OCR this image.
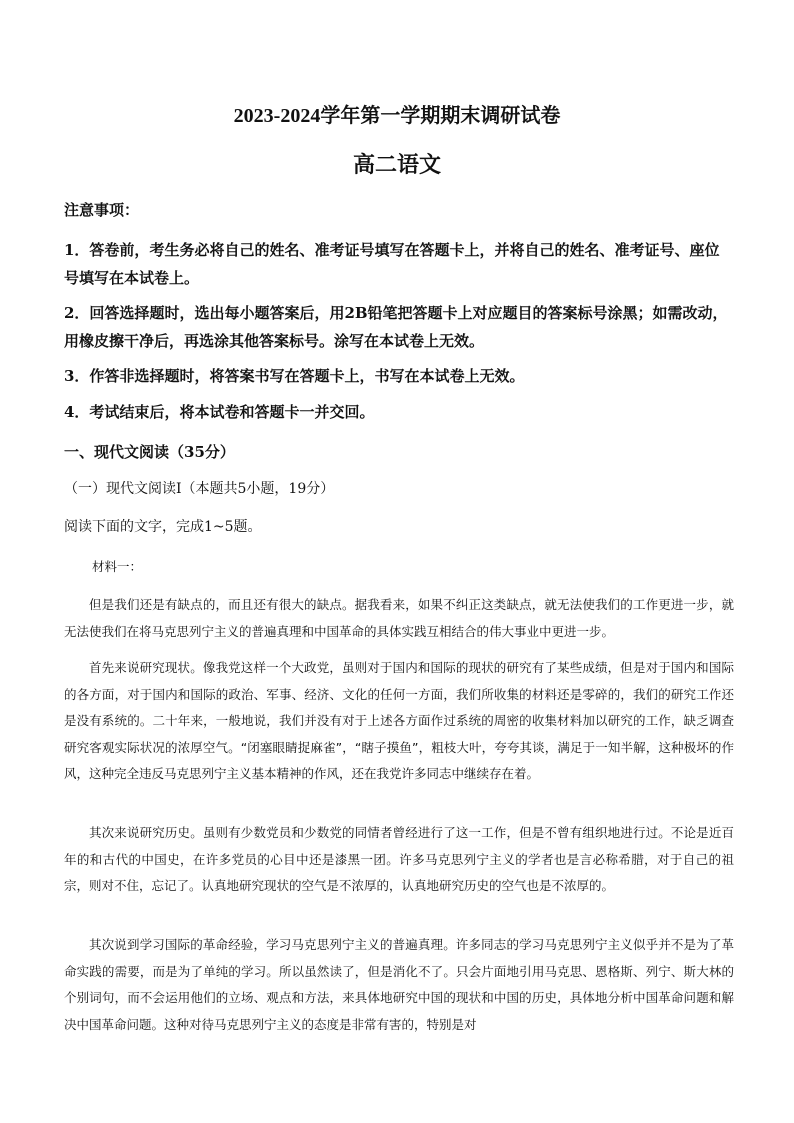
2023-2024学年第一学期期末调研试卷
高二语文
注意事项：
1．答卷前，考生务必将自己的姓名、准考证号填写在答题卡上，并将自己的姓名、准考证号、座位号填写在本试卷上。
2．回答选择题时，选出每小题答案后，用2B铅笔把答题卡上对应题目的答案标号涂黑；如需改动，用橡皮擦干净后，再选涂其他答案标号。涂写在本试卷上无效。
3．作答非选择题时，将答案书写在答题卡上，书写在本试卷上无效。
4．考试结束后，将本试卷和答题卡一并交回。
一、现代文阅读（35分）
（一）现代文阅读I（本题共5小题，19分）
阅读下面的文字，完成1~5题。
材料一：
但是我们还是有缺点的，而且还有很大的缺点。据我看来，如果不纠正这类缺点，就无法使我们的工作更进一步，就无法使我们在将马克思列宁主义的普遍真理和中国革命的具体实践互相结合的伟大事业中更进一步。
首先来说研究现状。像我党这样一个大政党，虽则对于国内和国际的现状的研究有了某些成绩，但是对于国内和国际的各方面，对于国内和国际的政治、军事、经济、文化的任何一方面，我们所收集的材料还是零碎的，我们的研究工作还是没有系统的。二十年来，一般地说，我们并没有对于上述各方面作过系统的周密的收集材料加以研究的工作，缺乏调查研究客观实际状况的浓厚空气。“闭塞眼睛捉麻雀”，“瞎子摸鱼”，粗枝大叶，夸夸其谈，满足于一知半解，这种极坏的作风，这种完全违反马克思列宁主义基本精神的作风，还在我党许多同志中继续存在着。
其次来说研究历史。虽则有少数党员和少数党的同情者曾经进行了这一工作，但是不曾有组织地进行过。不论是近百年的和古代的中国史，在许多党员的心目中还是漆黑一团。许多马克思列宁主义的学者也是言必称希腊，对于自己的祖宗，则对不住，忘记了。认真地研究现状的空气是不浓厚的，认真地研究历史的空气也是不浓厚的。
其次说到学习国际的革命经验，学习马克思列宁主义的普遍真理。许多同志的学习马克思列宁主义似乎并不是为了革命实践的需要，而是为了单纯的学习。所以虽然读了，但是消化不了。只会片面地引用马克思、恩格斯、列宁、斯大林的个别词句，而不会运用他们的立场、观点和方法，来具体地研究中国的现状和中国的历史，具体地分析中国革命问题和解决中国革命问题。这种对待马克思列宁主义的态度是非常有害的，特别是对
